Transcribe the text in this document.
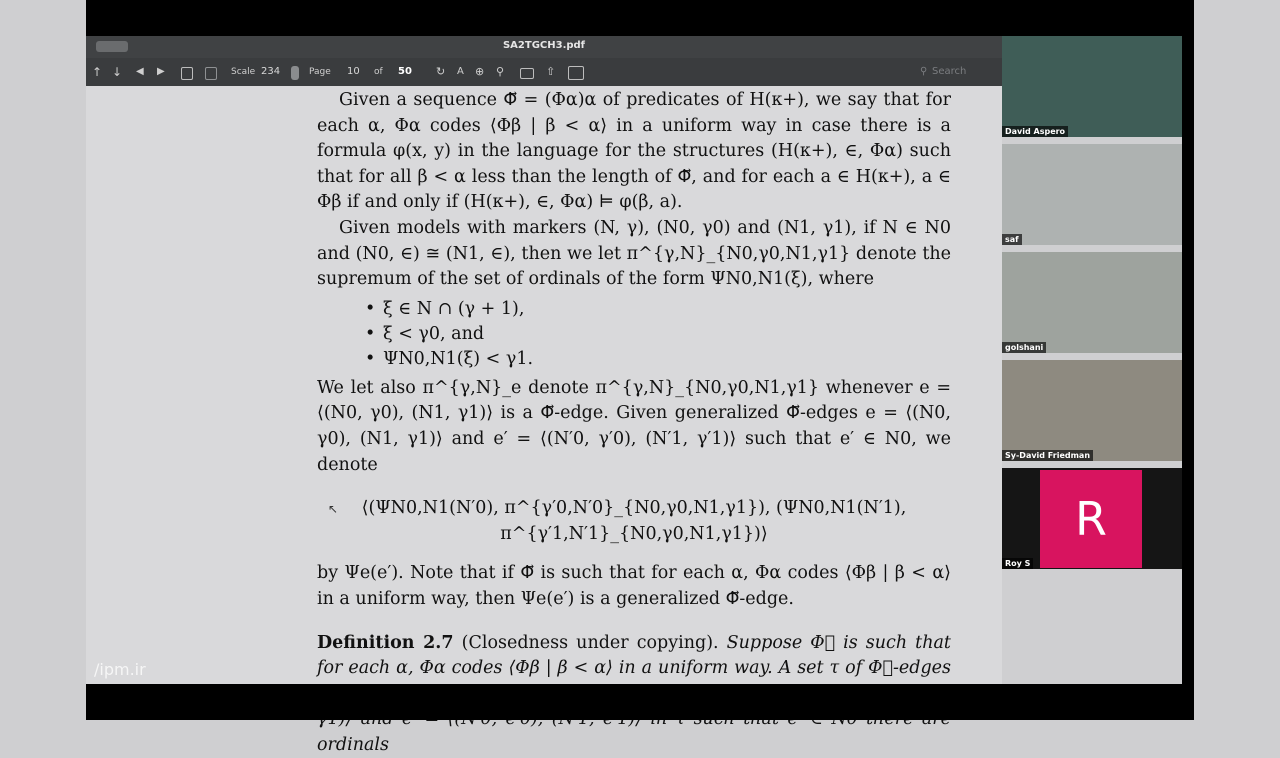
SA2TGCH3.pdf
↑ ↓ ◀ ▶	Scale 234	Page 10 of 50 ↻ A ⊕ ⚲	⇧	⚲ Search

Given a sequence Φ⃗ = (Φα)α of predicates of H(κ+), we say that for each α, Φα codes ⟨Φβ | β < α⟩ in a uniform way in case there is a formula φ(x, y) in the language for the structures (H(κ+), ∈, Φα) such that for all β < α less than the length of Φ⃗, and for each a ∈ H(κ+), a ∈ Φβ if and only if (H(κ+), ∈, Φα) ⊨ φ(β, a).

Given models with markers (N, γ), (N0, γ0) and (N1, γ1), if N ∈ N0 and (N0, ∈) ≅ (N1, ∈), then we let π^{γ,N}_{N0,γ0,N1,γ1} denote the supremum of the set of ordinals of the form ΨN0,N1(ξ), where

• ξ ∈ N ∩ (γ + 1),
• ξ < γ0, and
• ΨN0,N1(ξ) < γ1.

We let also π^{γ,N}_e denote π^{γ,N}_{N0,γ0,N1,γ1} whenever e = ⟨(N0, γ0), (N1, γ1)⟩ is a Φ⃗-edge. Given generalized Φ⃗-edges e = ⟨(N0, γ0), (N1, γ1)⟩ and e′ = ⟨(N′0, γ′0), (N′1, γ′1)⟩ such that e′ ∈ N0, we denote

⟨(ΨN0,N1(N′0), π^{γ′0,N′0}_{N0,γ0,N1,γ1}), (ΨN0,N1(N′1), π^{γ′1,N′1}_{N0,γ0,N1,γ1})⟩

by Ψe(e′). Note that if Φ⃗ is such that for each α, Φα codes ⟨Φβ | β < α⟩ in a uniform way, then Ψe(e′) is a generalized Φ⃗-edge.

Definition 2.7 (Closedness under copying). Suppose Φ⃗ is such that for each α, Φα codes ⟨Φβ | β < α⟩ in a uniform way. A set τ of Φ⃗-edges ordinals

↖
/ipm.ir
David Aspero
saf
golshani
Sy-David Friedman
R
Roy S
